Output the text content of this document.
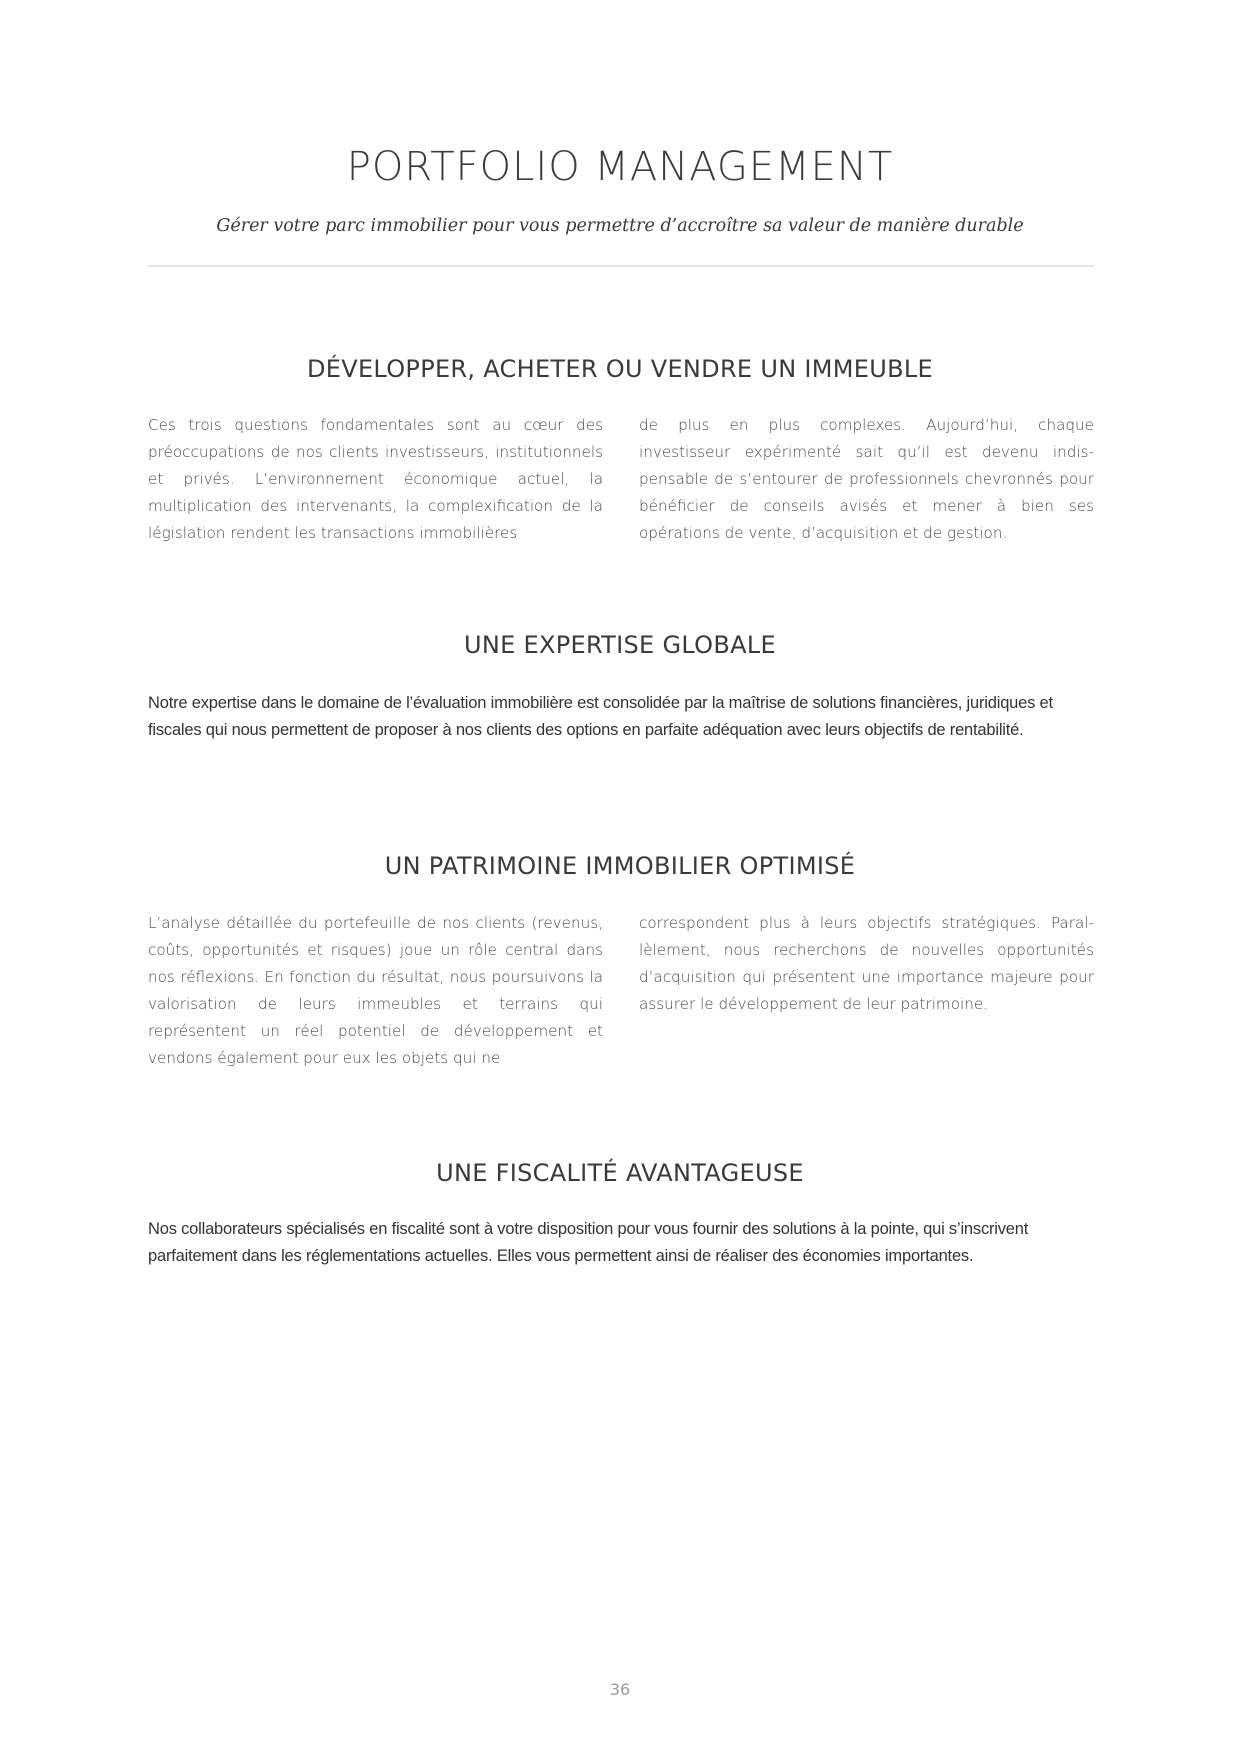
PORTFOLIO MANAGEMENT
Gérer votre parc immobilier pour vous permettre d’accroître sa valeur de manière durable
DÉVELOPPER, ACHETER OU VENDRE UN IMMEUBLE
Ces trois questions fondamentales sont au cœur des préoccupations de nos clients investisseurs, institutionnels et privés. L’environnement économique actuel, la multiplication des intervenants, la complexification de la législation rendent les transactions immobilières
de plus en plus complexes. Aujourd’hui, chaque investisseur expérimenté sait qu’il est devenu indispensable de s’entourer de professionnels chevronnés pour bénéficier de conseils avisés et mener à bien ses opérations de vente, d’acquisition et de gestion.
UNE EXPERTISE GLOBALE
Notre expertise dans le domaine de l’évaluation immobilière est consolidée par la maîtrise de solutions financières, juridiques et fiscales qui nous permettent de proposer à nos clients des options en parfaite adéquation avec leurs objectifs de rentabilité.
UN PATRIMOINE IMMOBILIER OPTIMISÉ
L’analyse détaillée du portefeuille de nos clients (revenus, coûts, opportunités et risques) joue un rôle central dans nos réflexions. En fonction du résultat, nous poursuivons la valorisation de leurs immeubles et terrains qui représentent un réel potentiel de développement et vendons également pour eux les objets qui ne
correspondent plus à leurs objectifs stratégiques. Parallèlement, nous recherchons de nouvelles opportunités d’acquisition qui présentent une importance majeure pour assurer le développement de leur patrimoine.
UNE FISCALITÉ AVANTAGEUSE
Nos collaborateurs spécialisés en fiscalité sont à votre disposition pour vous fournir des solutions à la pointe, qui s’inscrivent parfaitement dans les réglementations actuelles. Elles vous permettent ainsi de réaliser des économies importantes.
36
